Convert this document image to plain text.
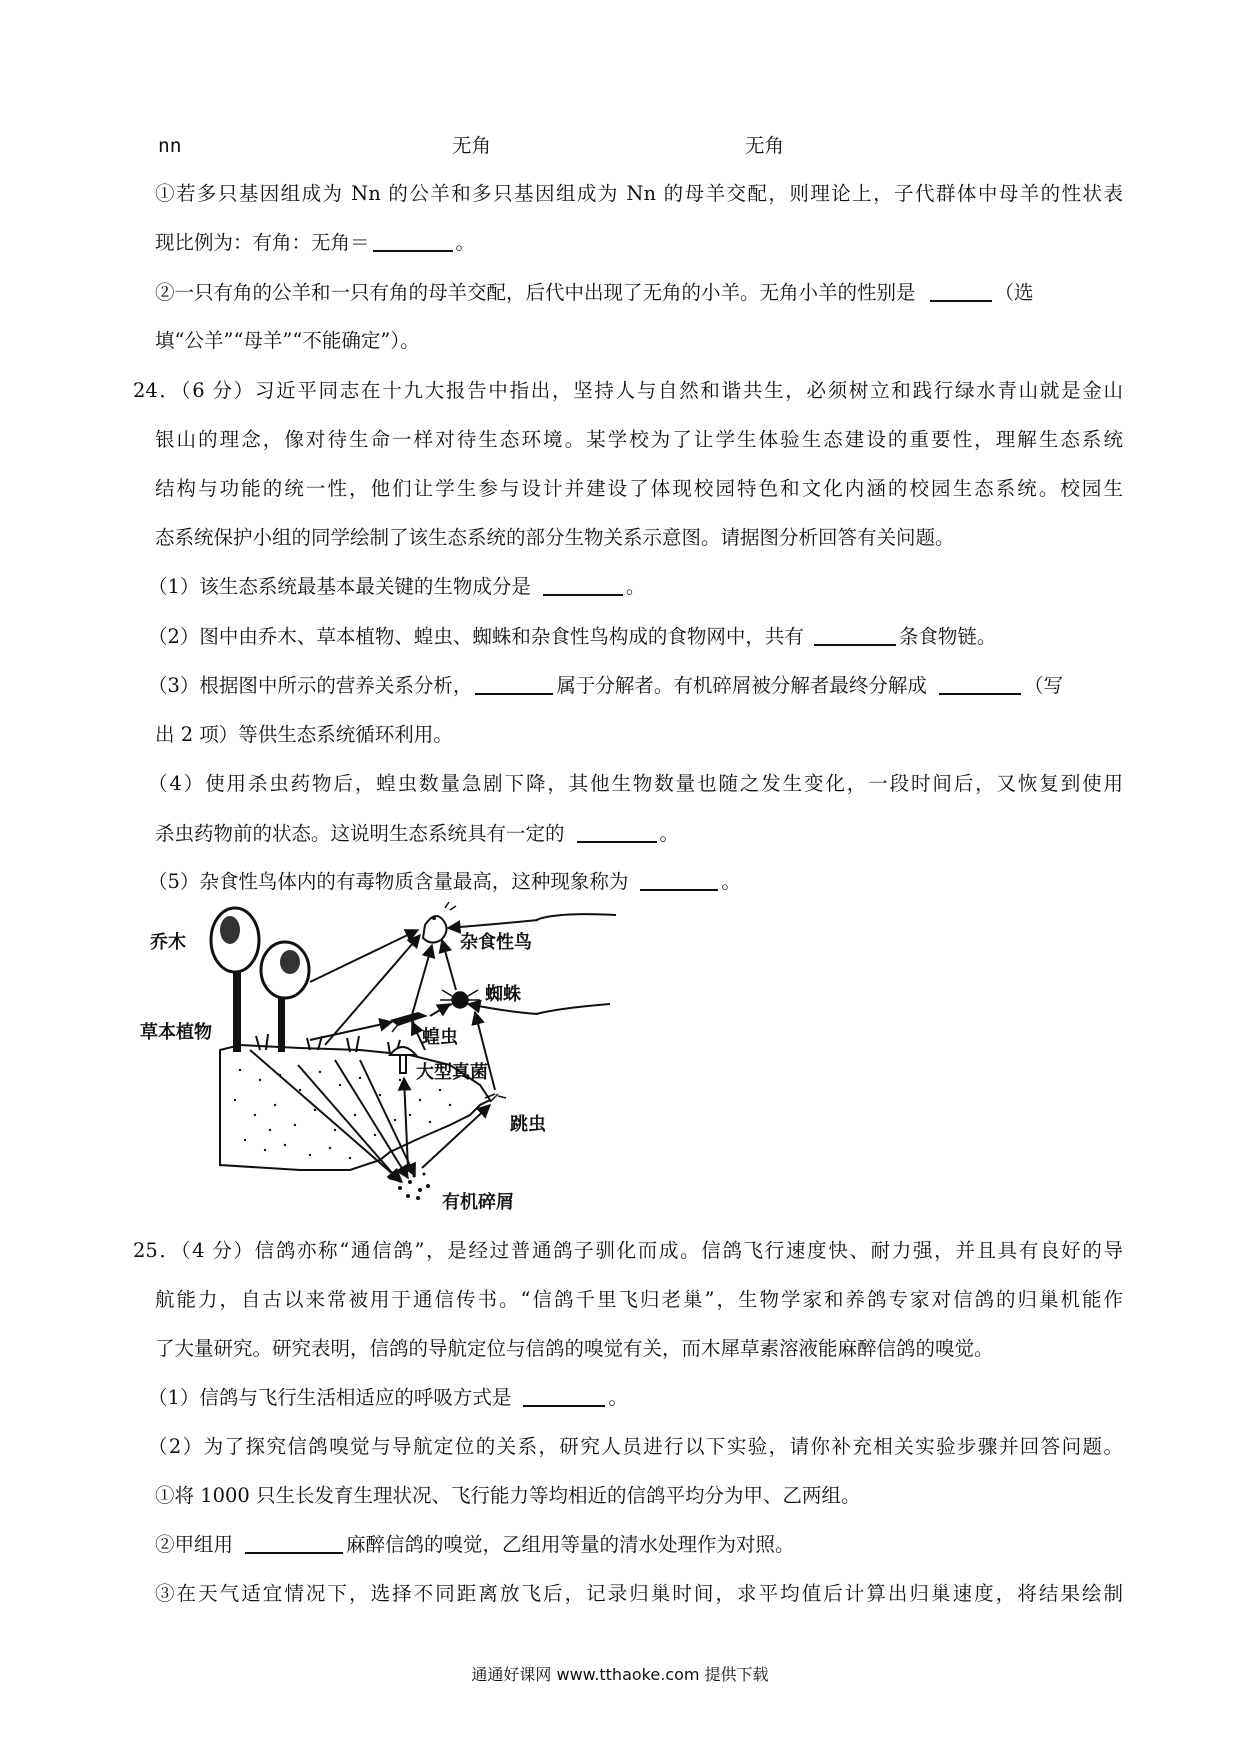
nn	无角	无角
①若多只基因组成为 Nn 的公羊和多只基因组成为 Nn 的母羊交配，则理论上，子代群体中母羊的性状表
现比例为：有角：无角＝	。
②一只有角的公羊和一只有角的母羊交配，后代中出现了无角的小羊。无角小羊的性别是	（选
填“公羊”“母羊”“不能确定”）。
24．（6 分）习近平同志在十九大报告中指出，坚持人与自然和谐共生，必须树立和践行绿水青山就是金山
银山的理念，像对待生命一样对待生态环境。某学校为了让学生体验生态建设的重要性，理解生态系统
结构与功能的统一性，他们让学生参与设计并建设了体现校园特色和文化内涵的校园生态系统。校园生
态系统保护小组的同学绘制了该生态系统的部分生物关系示意图。请据图分析回答有关问题。
（1）该生态系统最基本最关键的生物成分是	。
（2）图中由乔木、草本植物、蝗虫、蜘蛛和杂食性鸟构成的食物网中，共有	条食物链。
（3）根据图中所示的营养关系分析，	属于分解者。有机碎屑被分解者最终分解成	（写
出 2 项）等供生态系统循环利用。
（4）使用杀虫药物后，蝗虫数量急剧下降，其他生物数量也随之发生变化，一段时间后，又恢复到使用
杀虫药物前的状态。这说明生态系统具有一定的	。
（5）杂食性鸟体内的有毒物质含量最高，这种现象称为	。
乔木
草本植物
杂食性鸟
蜘蛛
蝗虫
大型真菌
跳虫
有机碎屑
25．（4 分）信鸽亦称“通信鸽”，是经过普通鸽子驯化而成。信鸽飞行速度快、耐力强，并且具有良好的导
航能力，自古以来常被用于通信传书。“信鸽千里飞归老巢”，生物学家和养鸽专家对信鸽的归巢机能作
了大量研究。研究表明，信鸽的导航定位与信鸽的嗅觉有关，而木犀草素溶液能麻醉信鸽的嗅觉。
（1）信鸽与飞行生活相适应的呼吸方式是	。
（2）为了探究信鸽嗅觉与导航定位的关系，研究人员进行以下实验，请你补充相关实验步骤并回答问题。
①将 1000 只生长发育生理状况、飞行能力等均相近的信鸽平均分为甲、乙两组。
②甲组用	麻醉信鸽的嗅觉，乙组用等量的清水处理作为对照。
③在天气适宜情况下，选择不同距离放飞后，记录归巢时间，求平均值后计算出归巢速度，将结果绘制
通通好课网 www.tthaoke.com 提供下载
